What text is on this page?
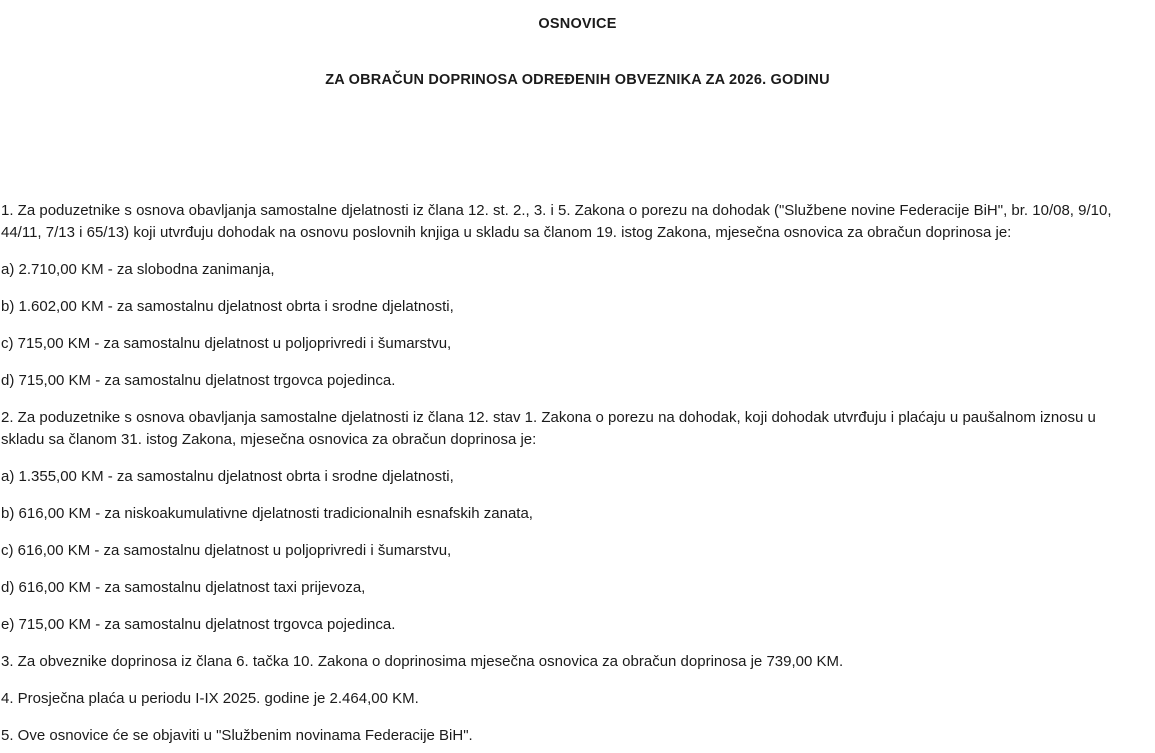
OSNOVICE
ZA OBRAČUN DOPRINOSA ODREĐENIH OBVEZNIKA ZA 2026. GODINU

1. Za poduzetnike s osnova obavljanja samostalne djelatnosti iz člana 12. st. 2., 3. i 5. Zakona o porezu na dohodak ("Službene novine Federacije BiH", br. 10/08, 9/10, 44/11, 7/13 i 65/13) koji utvrđuju dohodak na osnovu poslovnih knjiga u skladu sa članom 19. istog Zakona, mjesečna osnovica za obračun doprinosa je:

a) 2.710,00 KM - za slobodna zanimanja,

b) 1.602,00 KM - za samostalnu djelatnost obrta i srodne djelatnosti,

c) 715,00 KM - za samostalnu djelatnost u poljoprivredi i šumarstvu,

d) 715,00 KM - za samostalnu djelatnost trgovca pojedinca.

2. Za poduzetnike s osnova obavljanja samostalne djelatnosti iz člana 12. stav 1. Zakona o porezu na dohodak, koji dohodak utvrđuju i plaćaju u paušalnom iznosu u skladu sa članom 31. istog Zakona, mjesečna osnovica za obračun doprinosa je:

a) 1.355,00 KM - za samostalnu djelatnost obrta i srodne djelatnosti,

b) 616,00 KM - za niskoakumulativne djelatnosti tradicionalnih esnafskih zanata,

c) 616,00 KM - za samostalnu djelatnost u poljoprivredi i šumarstvu,

d) 616,00 KM - za samostalnu djelatnost taxi prijevoza,

e) 715,00 KM - za samostalnu djelatnost trgovca pojedinca.

3. Za obveznike doprinosa iz člana 6. tačka 10. Zakona o doprinosima mjesečna osnovica za obračun doprinosa je 739,00 KM.

4. Prosječna plaća u periodu I-IX 2025. godine je 2.464,00 KM.

5. Ove osnovice će se objaviti u "Službenim novinama Federacije BiH".
